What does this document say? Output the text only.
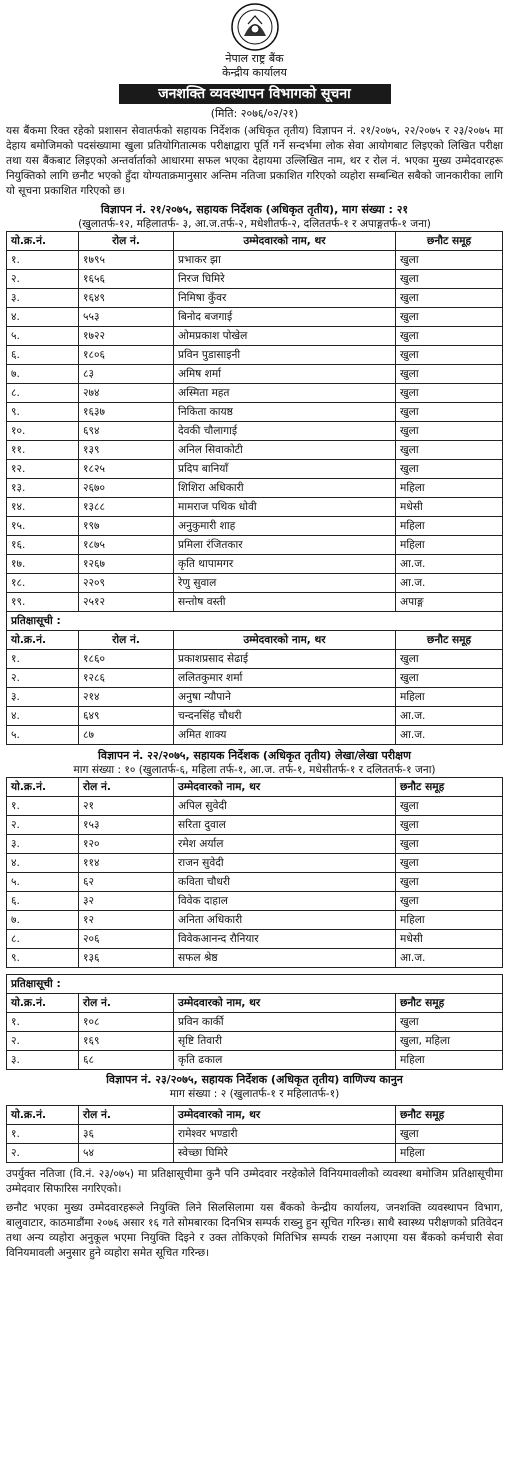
नेपाल राष्ट्र बैंक
केन्द्रीय कार्यालय
जनशक्ति व्यवस्थापन विभागको सूचना
(मिति: २०७६/०२/२१)
यस बैंकमा रिक्त रहेको प्रशासन सेवातर्फको सहायक निर्देशक (अधिकृत तृतीय) विज्ञापन नं. २१/२०७५, २२/२०७५ र २३/२०७५ मा देहाय बमोजिमको पदसंख्यामा खुला प्रतियोगितात्मक परीक्षाद्वारा पूर्ति गर्ने सन्दर्भमा लोक सेवा आयोगबाट लिइएको लिखित परीक्षा तथा यस बैंकबाट लिइएको अन्तर्वार्ताको आधारमा सफल भएका देहायमा उल्लिखित नाम, थर र रोल नं. भएका मुख्य उम्मेदवारहरू नियुक्तिको लागि छनौट भएको हुँदा योग्यताक्रमानुसार अन्तिम नतिजा प्रकाशित गरिएको व्यहोरा सम्बन्धित सबैको जानकारीका लागि यो सूचना प्रकाशित गरिएको छ।
विज्ञापन नं. २१/२०७५, सहायक निर्देशक (अधिकृत तृतीय), माग संख्या : २१
(खुलातर्फ-१२, महिलातर्फ- ३, आ.ज.तर्फ-२, मधेशीतर्फ-२, दलिततर्फ-१ र अपाङ्गतर्फ-१ जना)
यो.क्र.नं.	रोल नं.	उम्मेदवारको नाम, थर	छनौट समूह
१.	१७९५	प्रभाकर झा	खुला
२.	१६५६	निरज घिमिरे	खुला
३.	१६४९	निमिषा कुँवर	खुला
४.	५५३	बिनोद बजगाई	खुला
५.	१७२२	ओमप्रकाश पोखेल	खुला
६.	१८०६	प्रविन पुडासाइनी	खुला
७.	८३	अमिष शर्मा	खुला
८.	२७४	अस्मिता महत	खुला
९.	१६३७	निकिता कायष्ठ	खुला
१०.	६९४	देवकी चौलागाई	खुला
११.	१३९	अनिल सिवाकोटी	खुला
१२.	१८२५	प्रदिप बानियाँ	खुला
१३.	२६७०	शिशिरा अधिकारी	महिला
१४.	१३८८	मामराज पथिक धोवी	मधेसी
१५.	१९७	अनुकुमारी शाह	महिला
१६.	१८७५	प्रमिला रंजितकार	महिला
१७.	१२६७	कृति थापामगर	आ.ज.
१८.	२२०९	रेणु सुवाल	आ.ज.
१९.	२५१२	सन्तोष वस्ती	अपाङ्ग
प्रतिक्षासूची :			
यो.क्र.नं.	रोल नं.	उम्मेदवारको नाम, थर	छनौट समूह
१.	१८६०	प्रकाशप्रसाद सेढाई	खुला
२.	१२८६	ललितकुमार शर्मा	खुला
३.	२१४	अनुषा न्यौपाने	महिला
४.	६४९	चन्दनसिंह चौधरी	आ.ज.
५.	८७	अमित शाक्य	आ.ज.
विज्ञापन नं. २२/२०७५, सहायक निर्देशक (अधिकृत तृतीय) लेखा/लेखा परीक्षण
माग संख्या : १० (खुलातर्फ-६, महिला तर्फ-१, आ.ज. तर्फ-१, मधेसीतर्फ-१ र दलिततर्फ-१ जना)
यो.क्र.नं.	रोल नं.	उम्मेदवारको नाम, थर	छनौट समूह
१.	२१	अपिल सुवेदी	खुला
२.	१५३	सरिता दुवाल	खुला
३.	१२०	रमेश अर्याल	खुला
४.	११४	राजन सुवेदी	खुला
५.	६२	कविता चौधरी	खुला
६.	३२	विवेक दाहाल	खुला
७.	१२	अनिता अधिकारी	महिला
८.	२०६	विवेकआनन्द रौनियार	मधेसी
९.	१३६	सफल श्रेष्ठ	आ.ज.
प्रतिक्षासूची :			
यो.क्र.नं.	रोल नं.	उम्मेदवारको नाम, थर	छनौट समूह
१.	१०८	प्रविन कार्की	खुला
२.	१६९	सृष्टि तिवारी	खुला, महिला
३.	६८	कृति ढकाल	महिला
विज्ञापन नं. २३/२०७५, सहायक निर्देशक (अधिकृत तृतीय) वाणिज्य कानुन
माग संख्या : २ (खुलातर्फ-१ र महिलातर्फ-१)
यो.क्र.नं.	रोल नं.	उम्मेदवारको नाम, थर	छनौट समूह
१.	३६	रामेश्वर भण्डारी	खुला
२.	५४	स्वेच्छा घिमिरे	महिला
उपर्युक्त नतिजा (वि.नं. २३/०७५) मा प्रतिक्षासूचीमा कुनै पनि उम्मेदवार नरहेकोले विनियमावलीको व्यवस्था बमोजिम प्रतिक्षासूचीमा उम्मेदवार सिफारिस नगरिएको।
छनौट भएका मुख्य उम्मेदवारहरूले नियुक्ति लिने सिलसिलामा यस बैंकको केन्द्रीय कार्यालय, जनशक्ति व्यवस्थापन विभाग, बालुवाटार, काठमाडौंमा २०७६ असार १६ गते सोमबारका दिनभित्र सम्पर्क राख्नु हुन सूचित गरिन्छ। साथै स्वास्थ्य परीक्षणको प्रतिवेदन तथा अन्य व्यहोरा अनुकूल भएमा नियुक्ति दिइने र उक्त तोकिएको मितिभित्र सम्पर्क राख्न नआएमा यस बैंकको कर्मचारी सेवा विनियमावली अनुसार हुने व्यहोरा समेत सूचित गरिन्छ।
